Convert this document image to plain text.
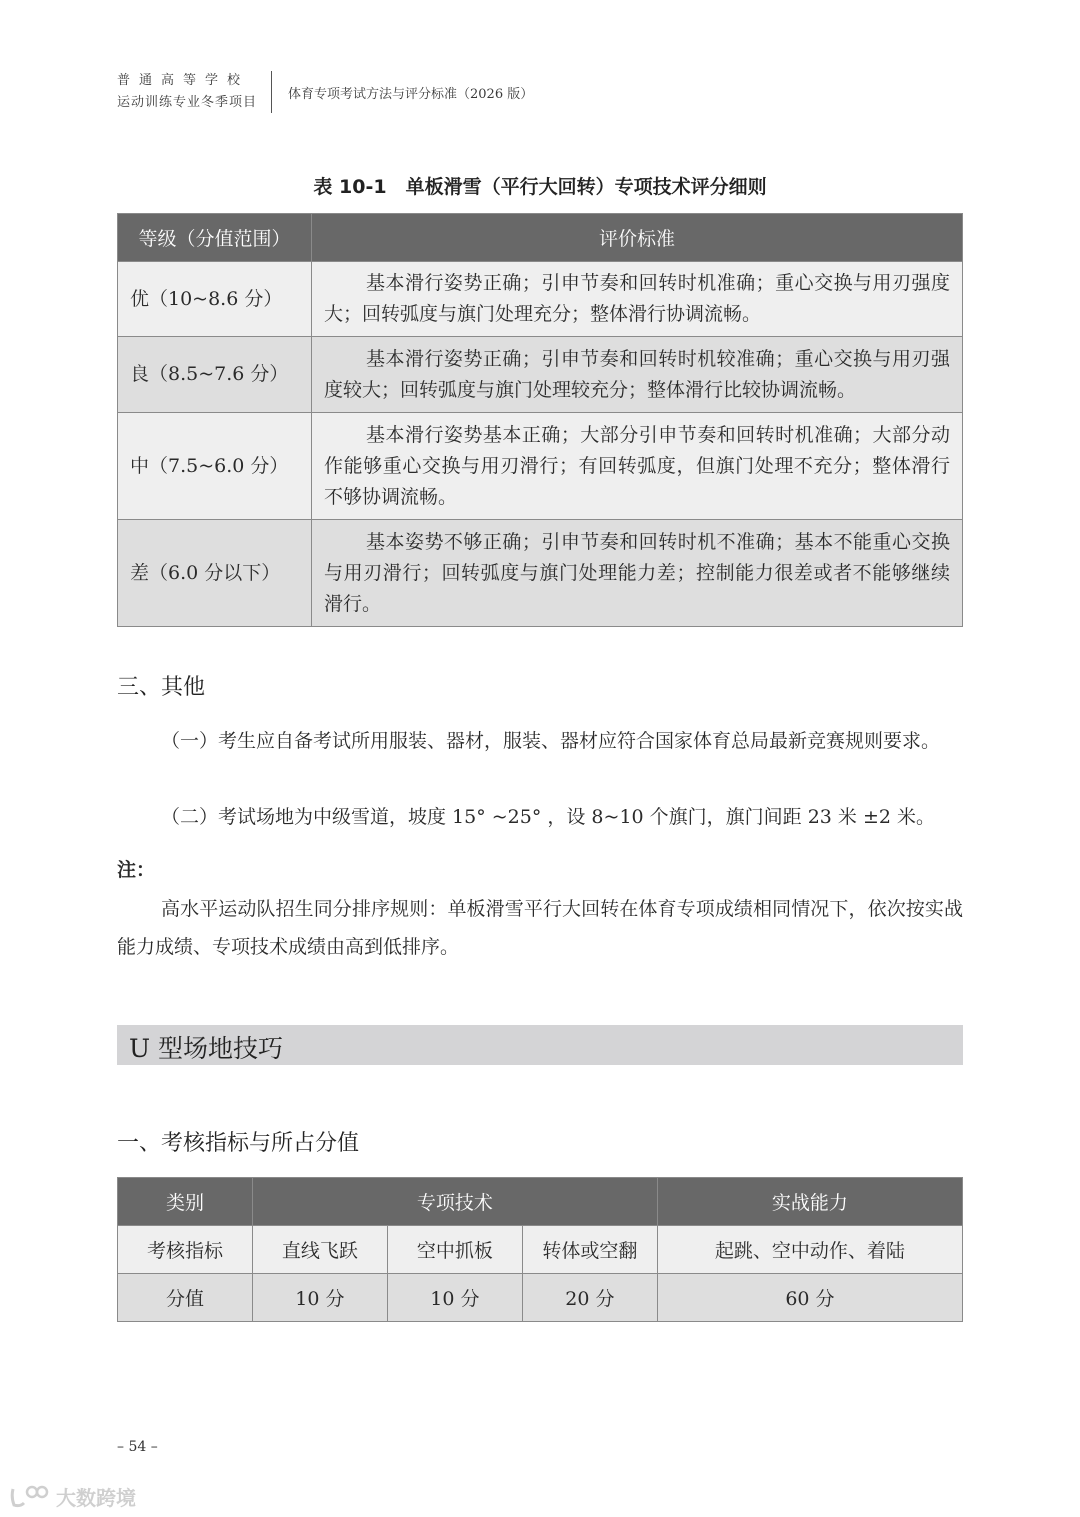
普通高等学校
运动训练专业冬季项目
体育专项考试方法与评分标准（2026 版）
表 10-1　单板滑雪（平行大回转）专项技术评分细则
等级（分值范围）	评价标准
优（10~8.6 分）	基本滑行姿势正确；引申节奏和回转时机准确；重心交换与用刃强度大；回转弧度与旗门处理充分；整体滑行协调流畅。
良（8.5~7.6 分）	基本滑行姿势正确；引申节奏和回转时机较准确；重心交换与用刃强度较大；回转弧度与旗门处理较充分；整体滑行比较协调流畅。
中（7.5~6.0 分）	基本滑行姿势基本正确；大部分引申节奏和回转时机准确；大部分动作能够重心交换与用刃滑行；有回转弧度，但旗门处理不充分；整体滑行不够协调流畅。
差（6.0 分以下）	基本姿势不够正确；引申节奏和回转时机不准确；基本不能重心交换与用刃滑行；回转弧度与旗门处理能力差；控制能力很差或者不能够继续滑行。
三、其他
（一）考生应自备考试所用服装、器材，服装、器材应符合国家体育总局最新竞赛规则要求。
（二）考试场地为中级雪道，坡度 15° ~25° ，设 8~10 个旗门，旗门间距 23 米 ±2 米。
注：
高水平运动队招生同分排序规则：单板滑雪平行大回转在体育专项成绩相同情况下，依次按实战能力成绩、专项技术成绩由高到低排序。
U 型场地技巧
一、考核指标与所占分值
类别	专项技术			实战能力
考核指标	直线飞跃	空中抓板	转体或空翻	起跳、空中动作、着陆
分值	10 分	10 分	20 分	60 分
– 54 –
大数跨境
